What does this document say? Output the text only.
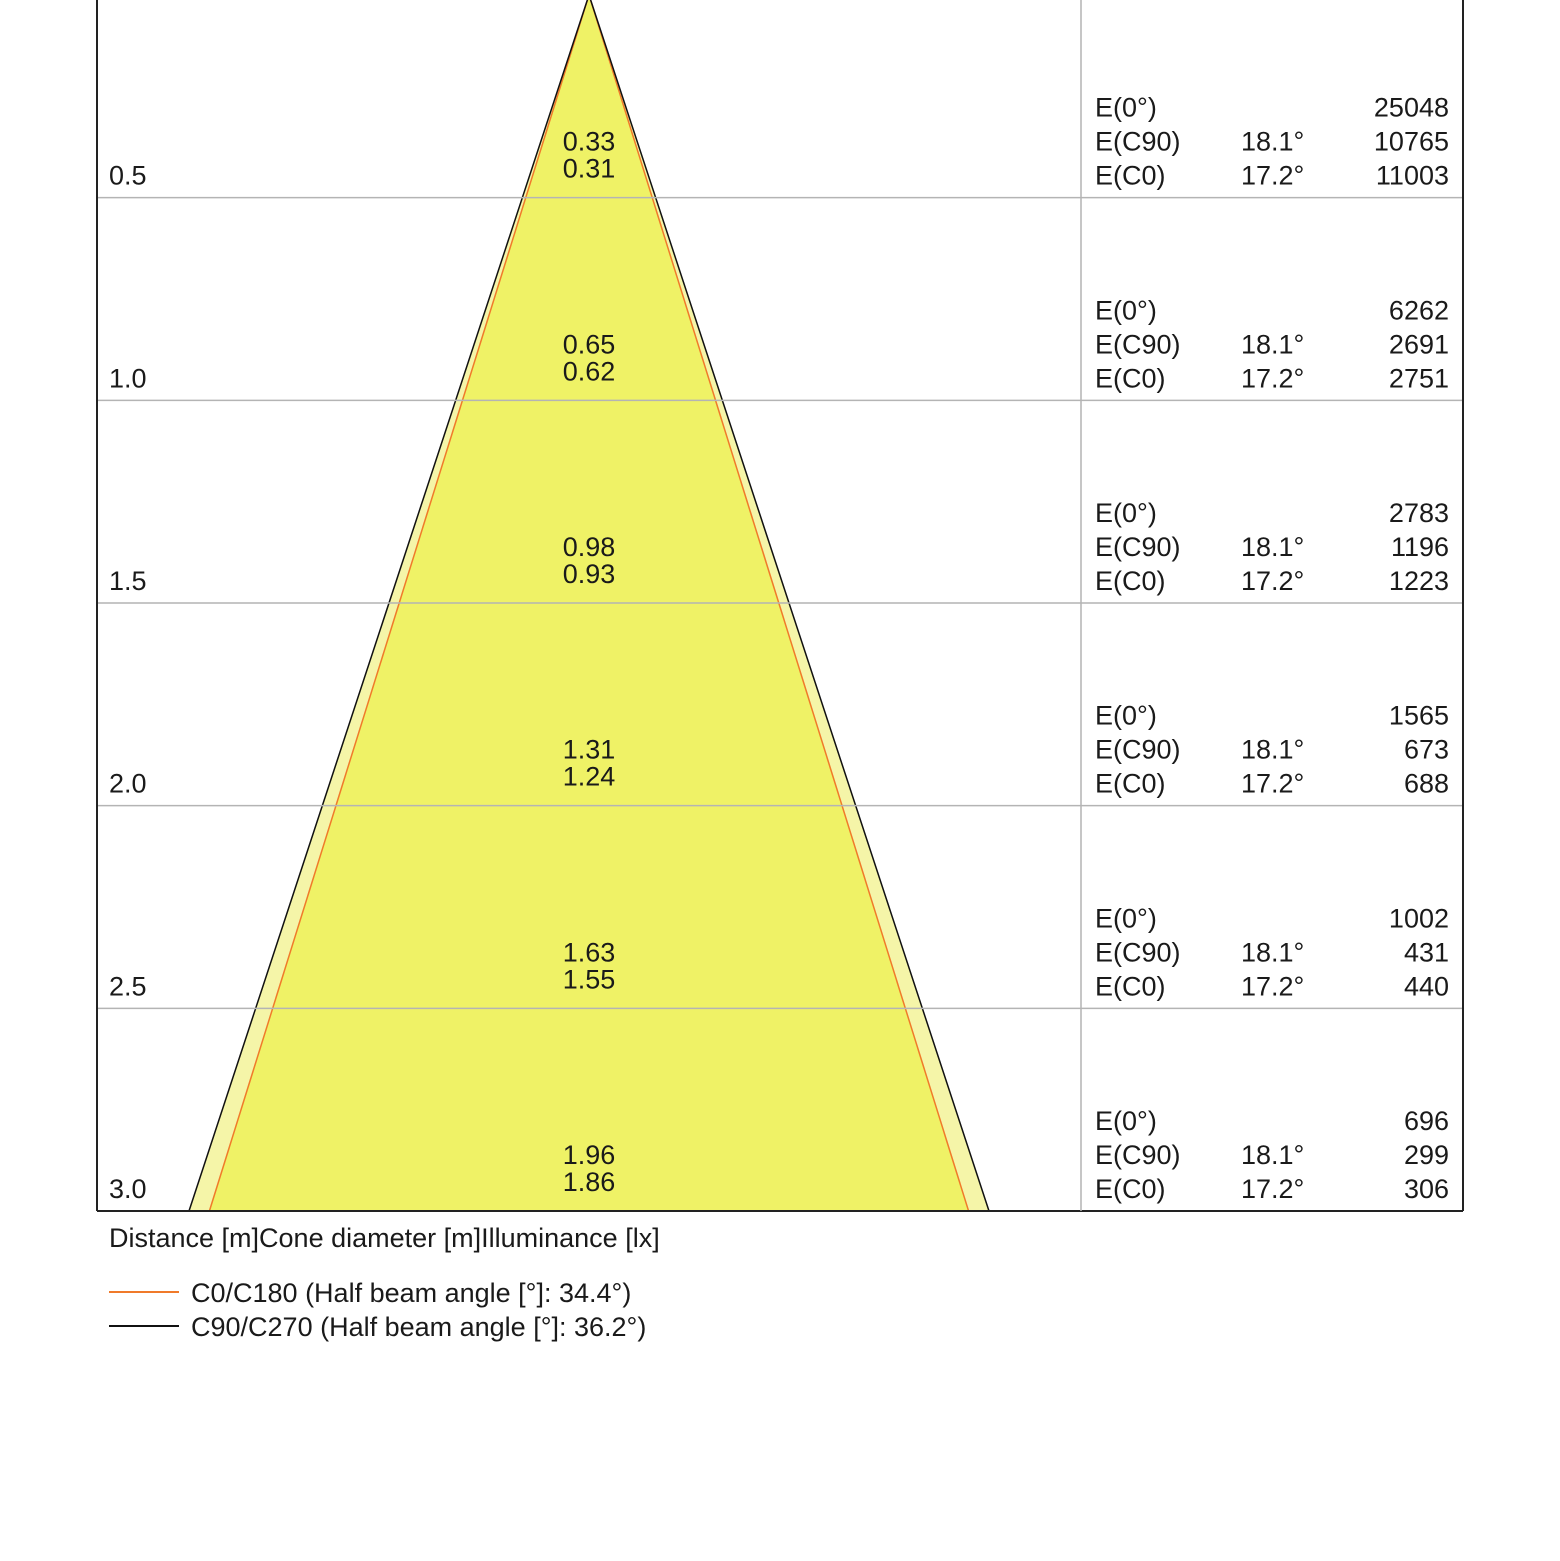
0.5
0.33
0.31
E(0°)	25048
E(C90) 18.1°	10765
E(C0)	17.2°	11003
1.0
0.65
0.62
E(0°)	6262
E(C90) 18.1°	2691
E(C0)	17.2°	2751
1.5
0.98
0.93
E(0°)	2783
E(C90) 18.1°	1196
E(C0)	17.2°	1223
2.0
1.31
1.24
E(0°)	1565
E(C90) 18.1°	673
E(C0)	17.2°	688
2.5
1.63
1.55
E(0°)	1002
E(C90) 18.1°	431
E(C0)	17.2°	440
3.0
1.96
1.86
E(0°)	696
E(C90) 18.1°	299
E(C0)	17.2°	306
Distance [m]Cone diameter [m]Illuminance [lx]
C0/C180 (Half beam angle [°]: 34.4°)
C90/C270 (Half beam angle [°]: 36.2°)
